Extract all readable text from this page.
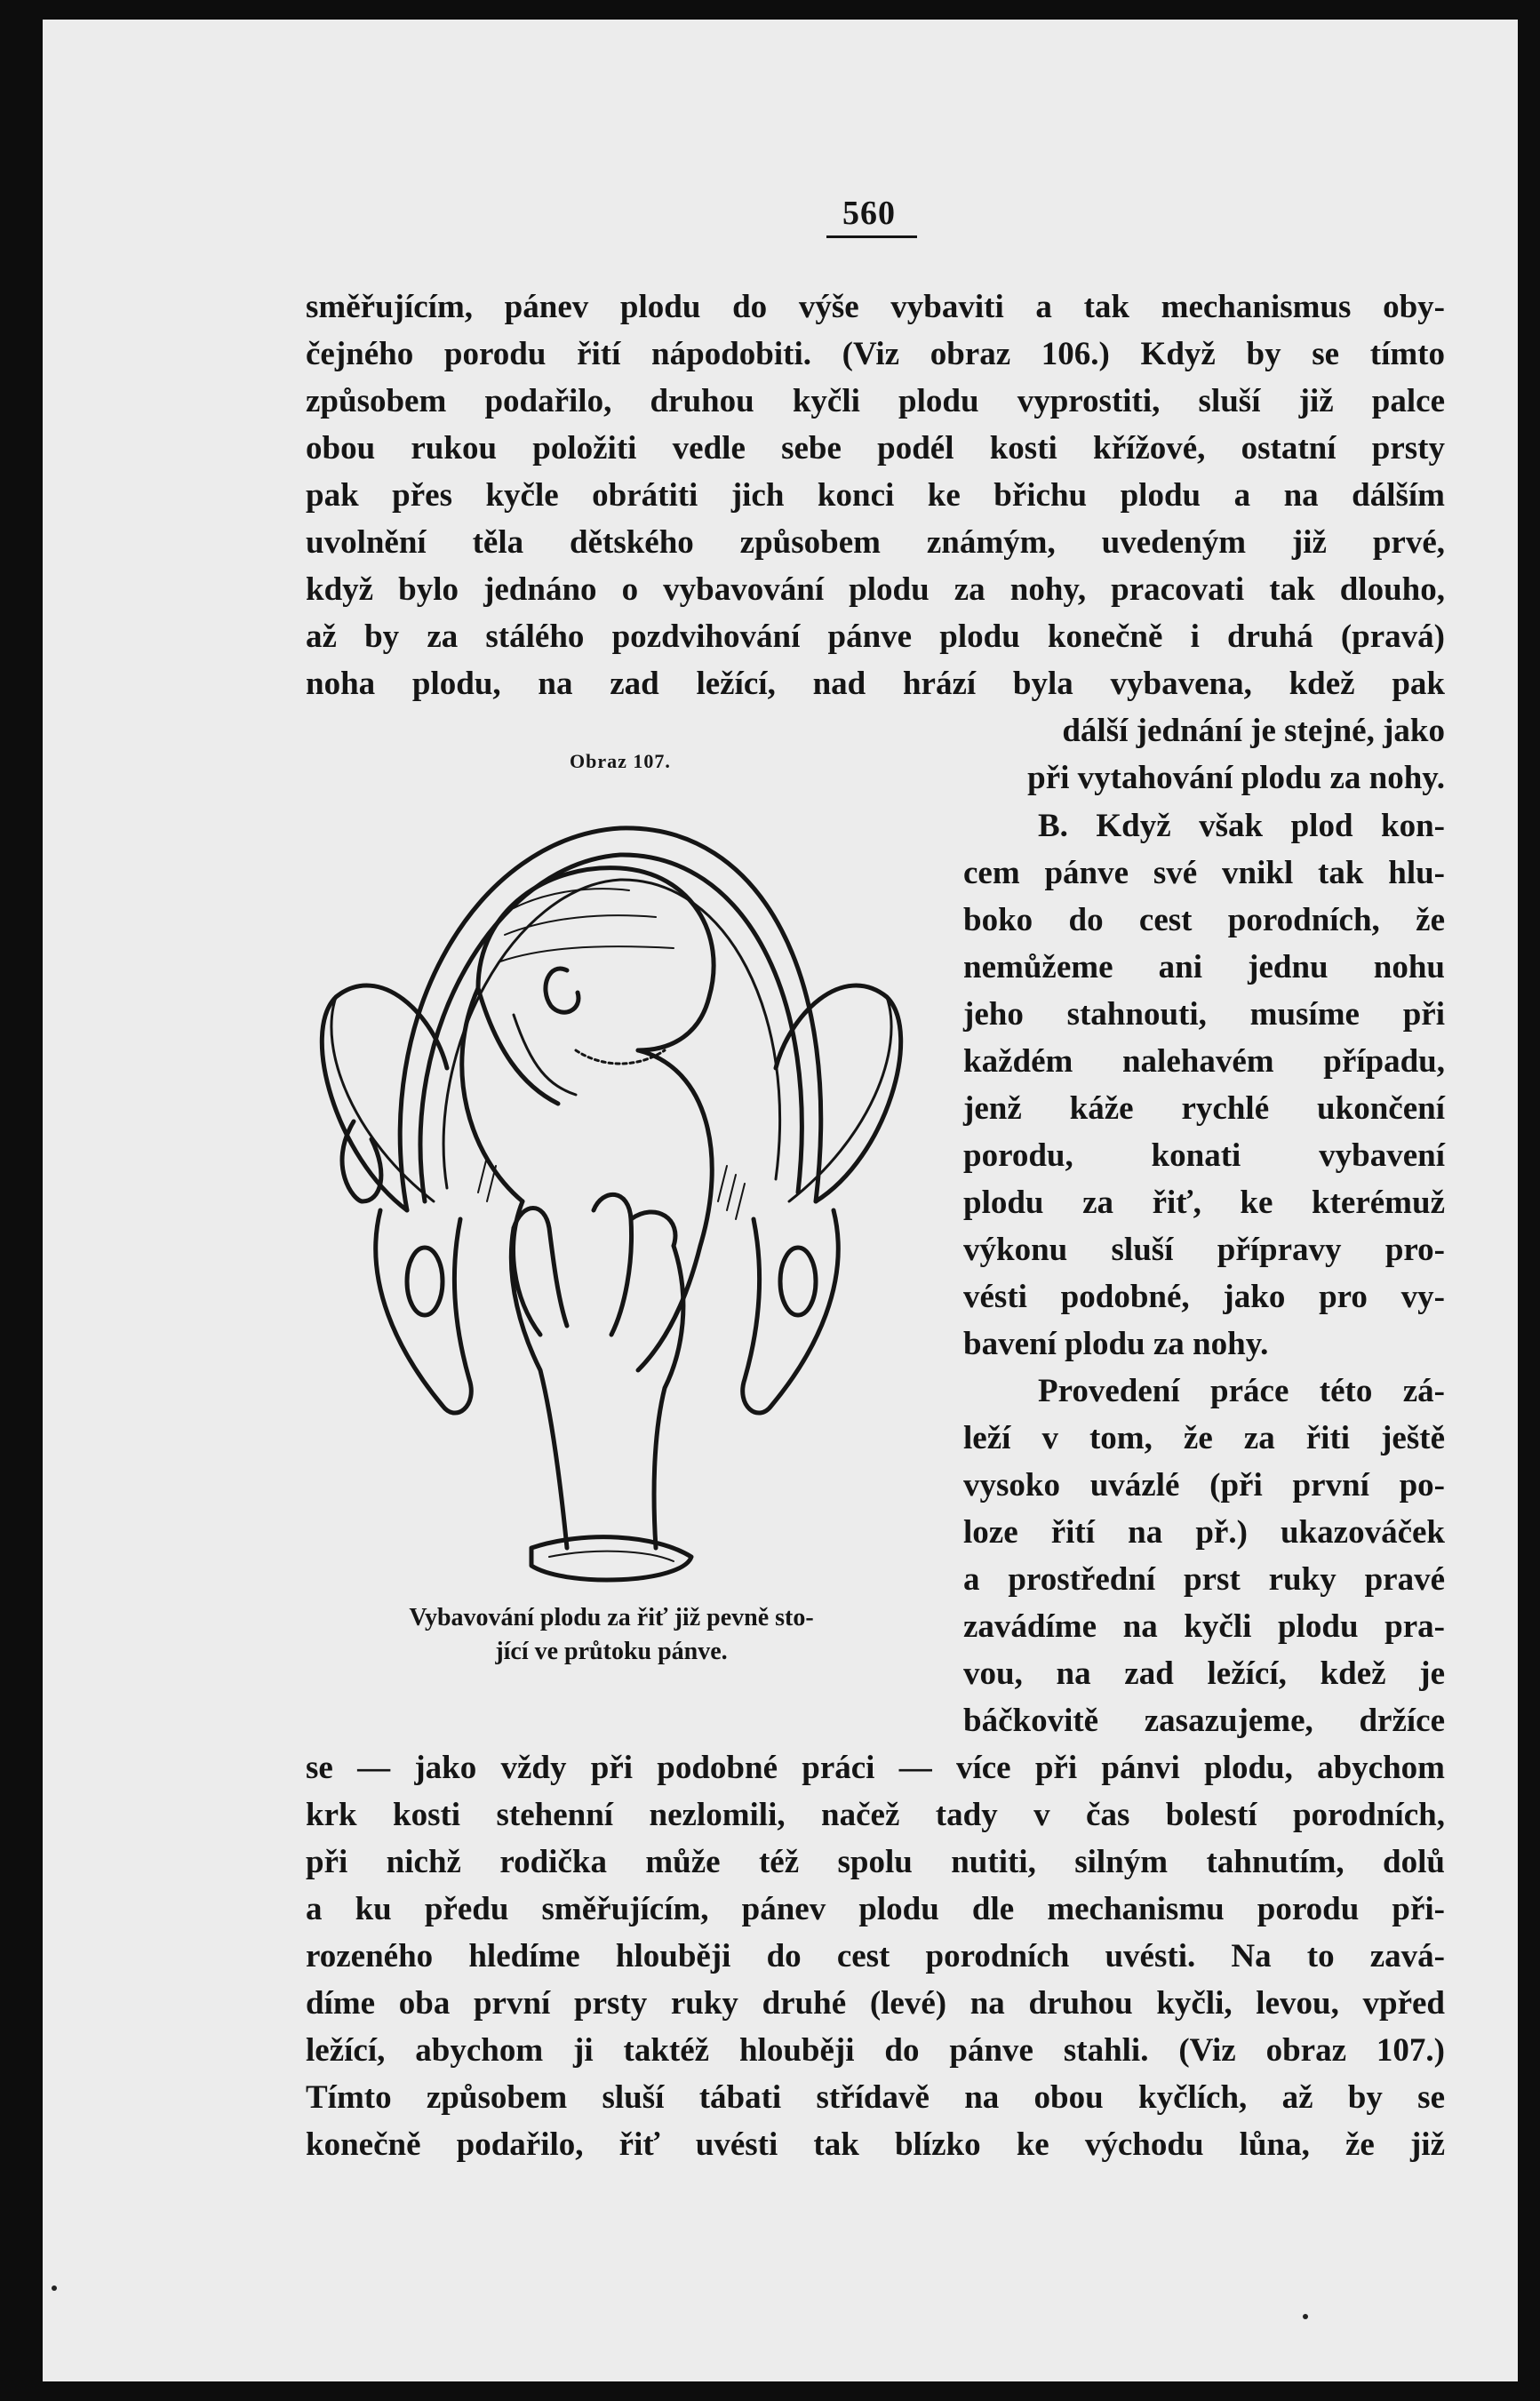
560
směřujícím, pánev plodu do výše vybaviti a tak mechanismus oby-
čejného porodu řití nápodobiti. (Viz obraz 106.) Když by se tímto
způsobem podařilo, druhou kyčli plodu vyprostiti, sluší již palce
obou rukou položiti vedle sebe podél kosti křížové, ostatní prsty
pak přes kyčle obrátiti jich konci ke břichu plodu a na dálším
uvolnění těla dětského způsobem známým, uvedeným již prvé,
když bylo jednáno o vybavování plodu za nohy, pracovati tak dlouho,
až by za stálého pozdvihování pánve plodu konečně i druhá (pravá)
noha plodu, na zad ležící, nad hrází byla vybavena, kdež pak
dálší jednání je stejné, jako
při vytahování plodu za nohy.
B. Když však plod kon-
cem pánve své vnikl tak hlu-
boko do cest porodních, že
nemůžeme ani jednu nohu
jeho stahnouti, musíme při
každém nalehavém případu,
jenž káže rychlé ukončení
porodu, konati vybavení
plodu za řiť, ke kterémuž
výkonu sluší přípravy pro-
vésti podobné, jako pro vy-
bavení plodu za nohy.
Provedení práce této zá-
leží v tom, že za řiti ještě
vysoko uvázlé (při první po-
loze řití na př.) ukazováček
a prostřední prst ruky pravé
zavádíme na kyčli plodu pra-
vou, na zad ležící, kdež je
báčkovitě zasazujeme, držíce
Obraz 107.
Vybavování plodu za řiť již pevně sto-
jící ve průtoku pánve.
se — jako vždy při podobné práci — více při pánvi plodu, abychom
krk kosti stehenní nezlomili, načež tady v čas bolestí porodních,
při nichž rodička může též spolu nutiti, silným tahnutím, dolů
a ku předu směřujícím, pánev plodu dle mechanismu porodu při-
rozeného hledíme hlouběji do cest porodních uvésti. Na to zavá-
díme oba první prsty ruky druhé (levé) na druhou kyčli, levou, vpřed
ležící, abychom ji taktéž hlouběji do pánve stahli. (Viz obraz 107.)
Tímto způsobem sluší tábati střídavě na obou kyčlích, až by se
konečně podařilo, řiť uvésti tak blízko ke východu lůna, že již
